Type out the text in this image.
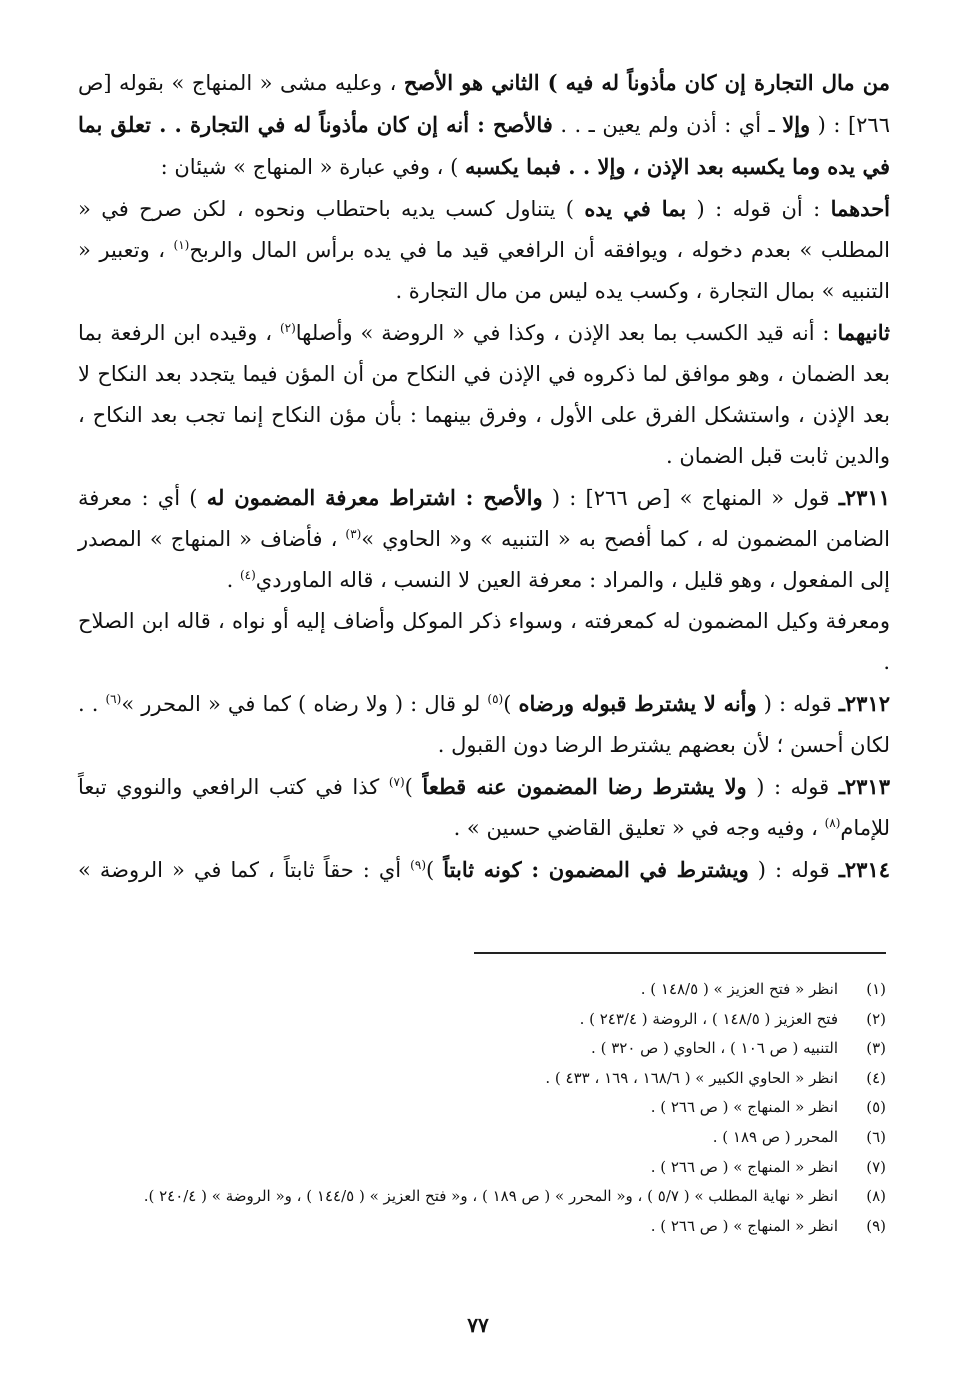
من مال التجارة إن كان مأذوناً له فيه ) الثاني هو الأصح ، وعليه مشى « المنهاج » بقوله [ص ٢٦٦] : ( وإلا ـ أي : أذن ولم يعين ـ . . فالأصح : أنه إن كان مأذوناً له في التجارة . . تعلق بما في يده وما يكسبه بعد الإذن ، وإلا . . فبما يكسبه ) ، وفي عبارة « المنهاج » شيئان :

أحدهما : أن قوله : ( بما في يده ) يتناول كسب يديه باحتطاب ونحوه ، لكن صرح في « المطلب » بعدم دخوله ، ويوافقه أن الرافعي قيد ما في يده برأس المال والربح$^{(١)}$ ، وتعبير « التنبيه » بمال التجارة ، وكسب يده ليس من مال التجارة .

ثانيهما : أنه قيد الكسب بما بعد الإذن ، وكذا في « الروضة » وأصلها$^{(٢)}$ ، وقيده ابن الرفعة بما بعد الضمان ، وهو موافق لما ذكروه في الإذن في النكاح من أن المؤن فيما يتجدد بعد النكاح لا بعد الإذن ، واستشكل الفرق على الأول ، وفرق بينهما : بأن مؤن النكاح إنما تجب بعد النكاح ، والدين ثابت قبل الضمان .

٢٣١١ـ قول « المنهاج » [ص ٢٦٦] : ( والأصح : اشتراط معرفة المضمون له ) أي : معرفة الضامن المضمون له ، كما أفصح به « التنبيه » و« الحاوي »$^{(٣)}$ ، فأضاف « المنهاج » المصدر إلى المفعول ، وهو قليل ، والمراد : معرفة العين لا النسب ، قاله الماوردي$^{(٤)}$ .

ومعرفة وكيل المضمون له كمعرفته ، وسواء ذكر الموكل وأضاف إليه أو نواه ، قاله ابن الصلاح .

٢٣١٢ـ قوله : ( وأنه لا يشترط قبوله ورضاه )$^{(٥)}$ لو قال : ( ولا رضاه ) كما في « المحرر »$^{(٦)}$ . . لكان أحسن ؛ لأن بعضهم يشترط الرضا دون القبول .

٢٣١٣ـ قوله : ( ولا يشترط رضا المضمون عنه قطعاً )$^{(٧)}$ كذا في كتب الرافعي والنووي تبعاً للإمام$^{(٨)}$ ، وفيه وجه في « تعليق القاضي حسين » .

٢٣١٤ـ قوله : ( ويشترط في المضمون : كونه ثابتاً )$^{(٩)}$ أي : حقاً ثابتاً ، كما في « الروضة »

(١)
انظر « فتح العزيز » ( ١٤٨/٥ ) .
(٢)
فتح العزيز ( ١٤٨/٥ ) ، الروضة ( ٢٤٣/٤ ) .
(٣)
التنبيه ( ص ١٠٦ ) ، الحاوي ( ص ٣٢٠ ) .
(٤)
انظر « الحاوي الكبير » ( ١٦٨/٦ ، ١٦٩ ، ٤٣٣ ) .
(٥)
انظر « المنهاج » ( ص ٢٦٦ ) .
(٦)
المحرر ( ص ١٨٩ ) .
(٧)
انظر « المنهاج » ( ص ٢٦٦ ) .
(٨)
انظر « نهاية المطلب » ( ٥/٧ ) ، و« المحرر » ( ص ١٨٩ ) ، و« فتح العزيز » ( ١٤٤/٥ ) ، و« الروضة » ( ٢٤٠/٤ ).
(٩)
انظر « المنهاج » ( ص ٢٦٦ ) .
٧٧
